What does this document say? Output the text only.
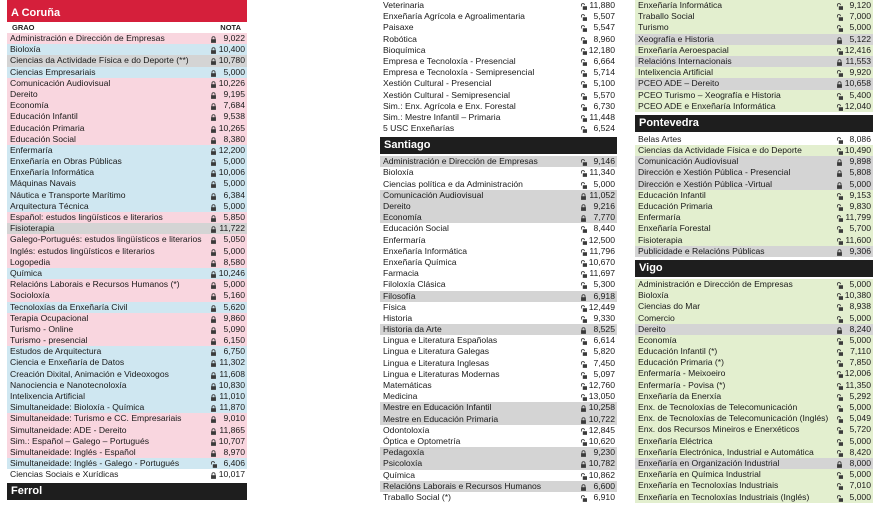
A Coruña
GRAO	NOTA
Administración e Dirección de Empresas	9,022
Bioloxía	10,400
Ciencias da Actividade Física e do Deporte (**)	10,780
Ciencias Empresariais	5,000
Comunicación Audiovisual	10,226
Dereito	9,195
Economía	7,684
Educación Infantil	9,538
Educación Primaria	10,265
Educación Social	8,380
Enfermaría	12,200
Enxeñaría en Obras Públicas	5,000
Enxeñaría Informática	10,006
Máquinas Navais	5,000
Náutica e Transporte Marítimo	6,384
Arquitectura Técnica	5,000
Español: estudos lingüísticos e literarios	5,850
Fisioterapia	11,722
Galego-Portugués: estudos lingüísticos e literarios	5,050
Inglés: estudos lingüísticos e literarios	5,000
Logopedia	8,580
Química	10,246
Relacións Laborais e Recursos Humanos (*)	5,000
Socioloxía	5,160
Tecnoloxías da Enxeñaría Civil	5,620
Terapia Ocupacional	9,860
Turismo - Online	5,090
Turismo - presencial	6,150
Estudos de Arquitectura	6,750
Ciencia e Enxeñaría de Datos	11,302
Creación Dixital, Animación e Videoxogos	11,608
Nanociencia e Nanotecnoloxía	10,830
Intelixencia Artificial	11,010
Simultaneidade: Bioloxía - Química	11,870
Simultaneidade: Turismo e CC. Empresariais	9,010
Simultaneidade: ADE - Dereito	11,865
Sim.: Español – Galego – Portugués	10,707
Simultaneidade: Inglés - Español	8,970
Simultaneidade: Inglés - Galego - Portugués	6,406
Ciencias Sociais e Xurídicas	10,017
Ferrol
Veterinaria	11,880
Enxeñaría Agrícola e Agroalimentaria	5,507
Paisaxe	5,547
Robótica	8,960
Bioquímica	12,180
Empresa e Tecnoloxía - Presencial	6,664
Empresa e Tecnoloxía - Semipresencial	5,714
Xestión Cultural - Presencial	5,100
Xestión Cultural - Semipresencial	5,570
Sim.: Enx. Agrícola e Enx. Forestal	6,730
Sim.: Mestre Infantil – Primaria	11,448
5 USC Enxeñarías	6,524
Santiago
Administración e Dirección de Empresas	9,146
Bioloxía	11,340
Ciencias política e da Administración	5,000
Comunicación Audiovisual	11,052
Dereito	9,216
Economía	7,770
Educación Social	8,440
Enfermaría	12,500
Enxeñaría Informática	11,796
Enxeñaría Química	10,670
Farmacia	11,697
Filoloxía Clásica	5,300
Filosofía	6,918
Física	12,449
Historia	9,330
Historia da Arte	8,525
Lingua e Literatura Españolas	6,614
Lingua e Literatura Galegas	5,820
Lingua e Literatura Inglesas	7,450
Lingua e Literaturas Modernas	5,097
Matemáticas	12,760
Medicina	13,050
Mestre en Educación Infantil	10,258
Mestre en Educación Primaria	10,722
Odontoloxía	12,845
Óptica e Optometría	10,620
Pedagoxía	9,230
Psicoloxía	10,782
Química	10,862
Relacións Laborais e Recursos Humanos	6,600
Traballo Social (*)	6,910
Enxeñaría Informática	9,120
Traballo Social	7,000
Turismo	5,000
Xeografía e Historia	5,122
Enxeñaría Aeroespacial	12,416
Relacións Internacionais	11,553
Intelixencia Artificial	9,920
PCEO ADE – Dereito	10,658
PCEO Turismo – Xeografía e Historia	5,400
PCEO ADE e Enxeñaría Informática	12,040
Pontevedra
Belas Artes	8,086
Ciencias da Actividade Física e do Deporte	10,490
Comunicación Audiovisual	9,898
Dirección e Xestión Pública - Presencial	5,808
Dirección e Xestión Pública -Virtual	5,000
Educación Infantil	9,153
Educación Primaria	9,830
Enfermaría	11,799
Enxeñaría Forestal	5,700
Fisioterapia	11,600
Publicidade e Relacións Públicas	9,306
Vigo
Administración e Dirección de Empresas	5,000
Bioloxía	10,380
Ciencias do Mar	8,938
Comercio	5,000
Dereito	8,240
Economía	5,000
Educación Infantil (*)	7,110
Educación Primaria (*)	7,850
Enfermaría - Meixoeiro	12,006
Enfermaría - Povisa (*)	11,350
Enxeñaría da Enerxía	5,292
Enx. de Tecnoloxías de Telecomunicación	5,000
Enx. de Tecnoloxías de Telecomunicación (Inglés)	5,049
Enx. dos Recursos Mineiros e Enerxéticos	5,720
Enxeñaría Eléctrica	5,000
Enxeñaría Electrónica, Industrial e Automática	8,420
Enxeñaría en Organización Industrial	8,000
Enxeñaría en Química Industrial	5,000
Enxeñaría en Tecnoloxías Industriais	7,010
Enxeñaría en Tecnoloxías Industriais (Inglés)	5,000
